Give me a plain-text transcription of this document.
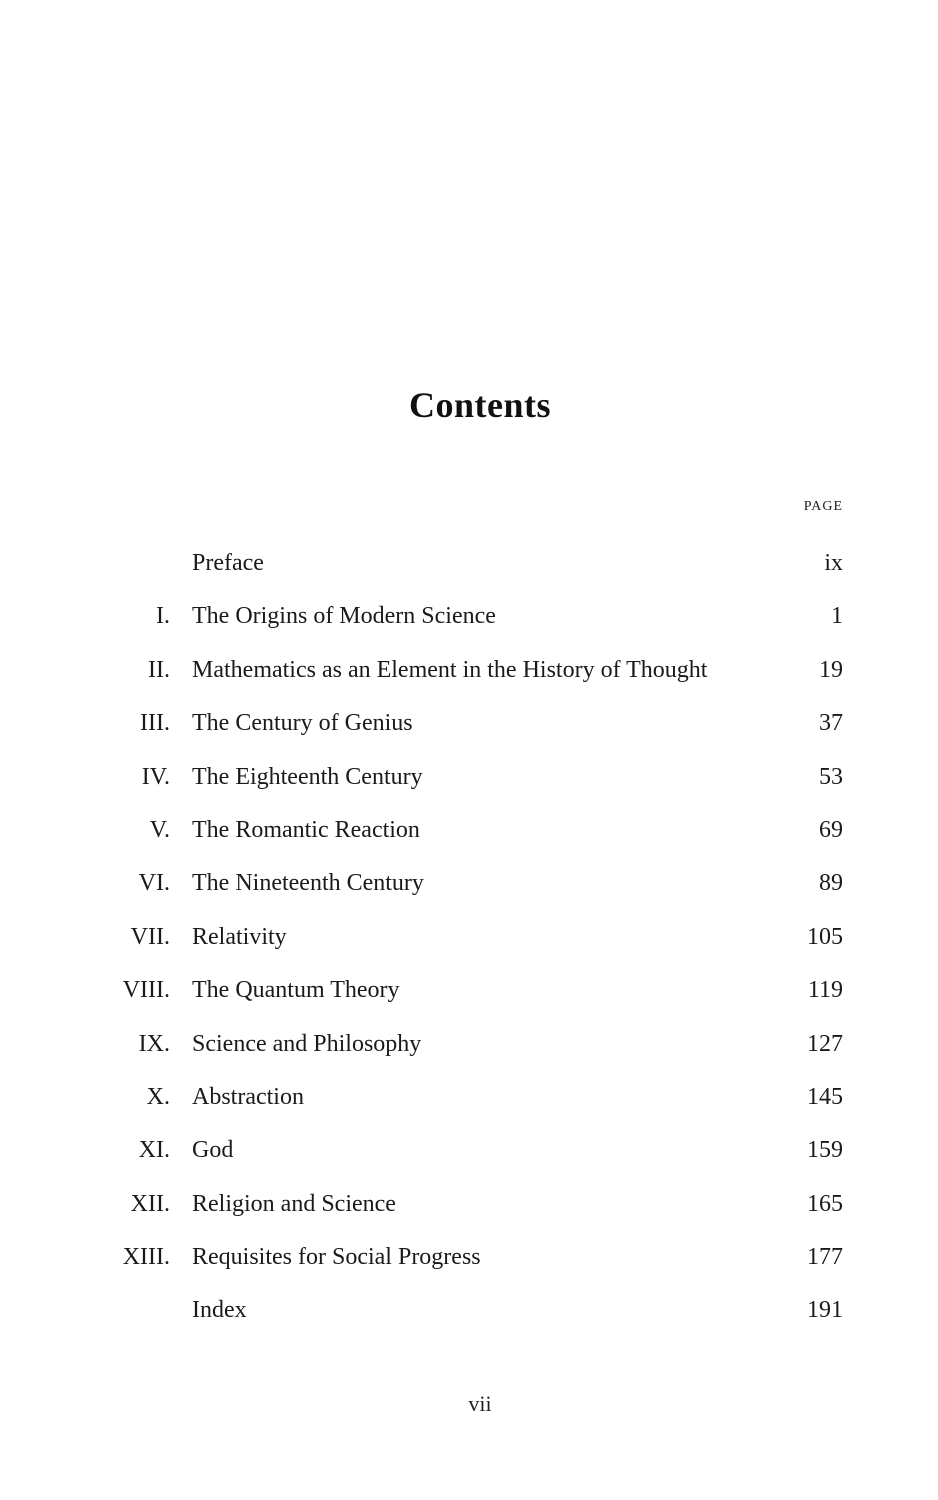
Contents
PAGE
Preface	ix
I. The Origins of Modern Science	1
II. Mathematics as an Element in the History of Thought	19
III. The Century of Genius	37
IV. The Eighteenth Century	53
V. The Romantic Reaction	69
VI. The Nineteenth Century	89
VII. Relativity	105
VIII. The Quantum Theory	119
IX. Science and Philosophy	127
X. Abstraction	145
XI. God	159
XII. Religion and Science	165
XIII. Requisites for Social Progress	177
Index	191
vii
